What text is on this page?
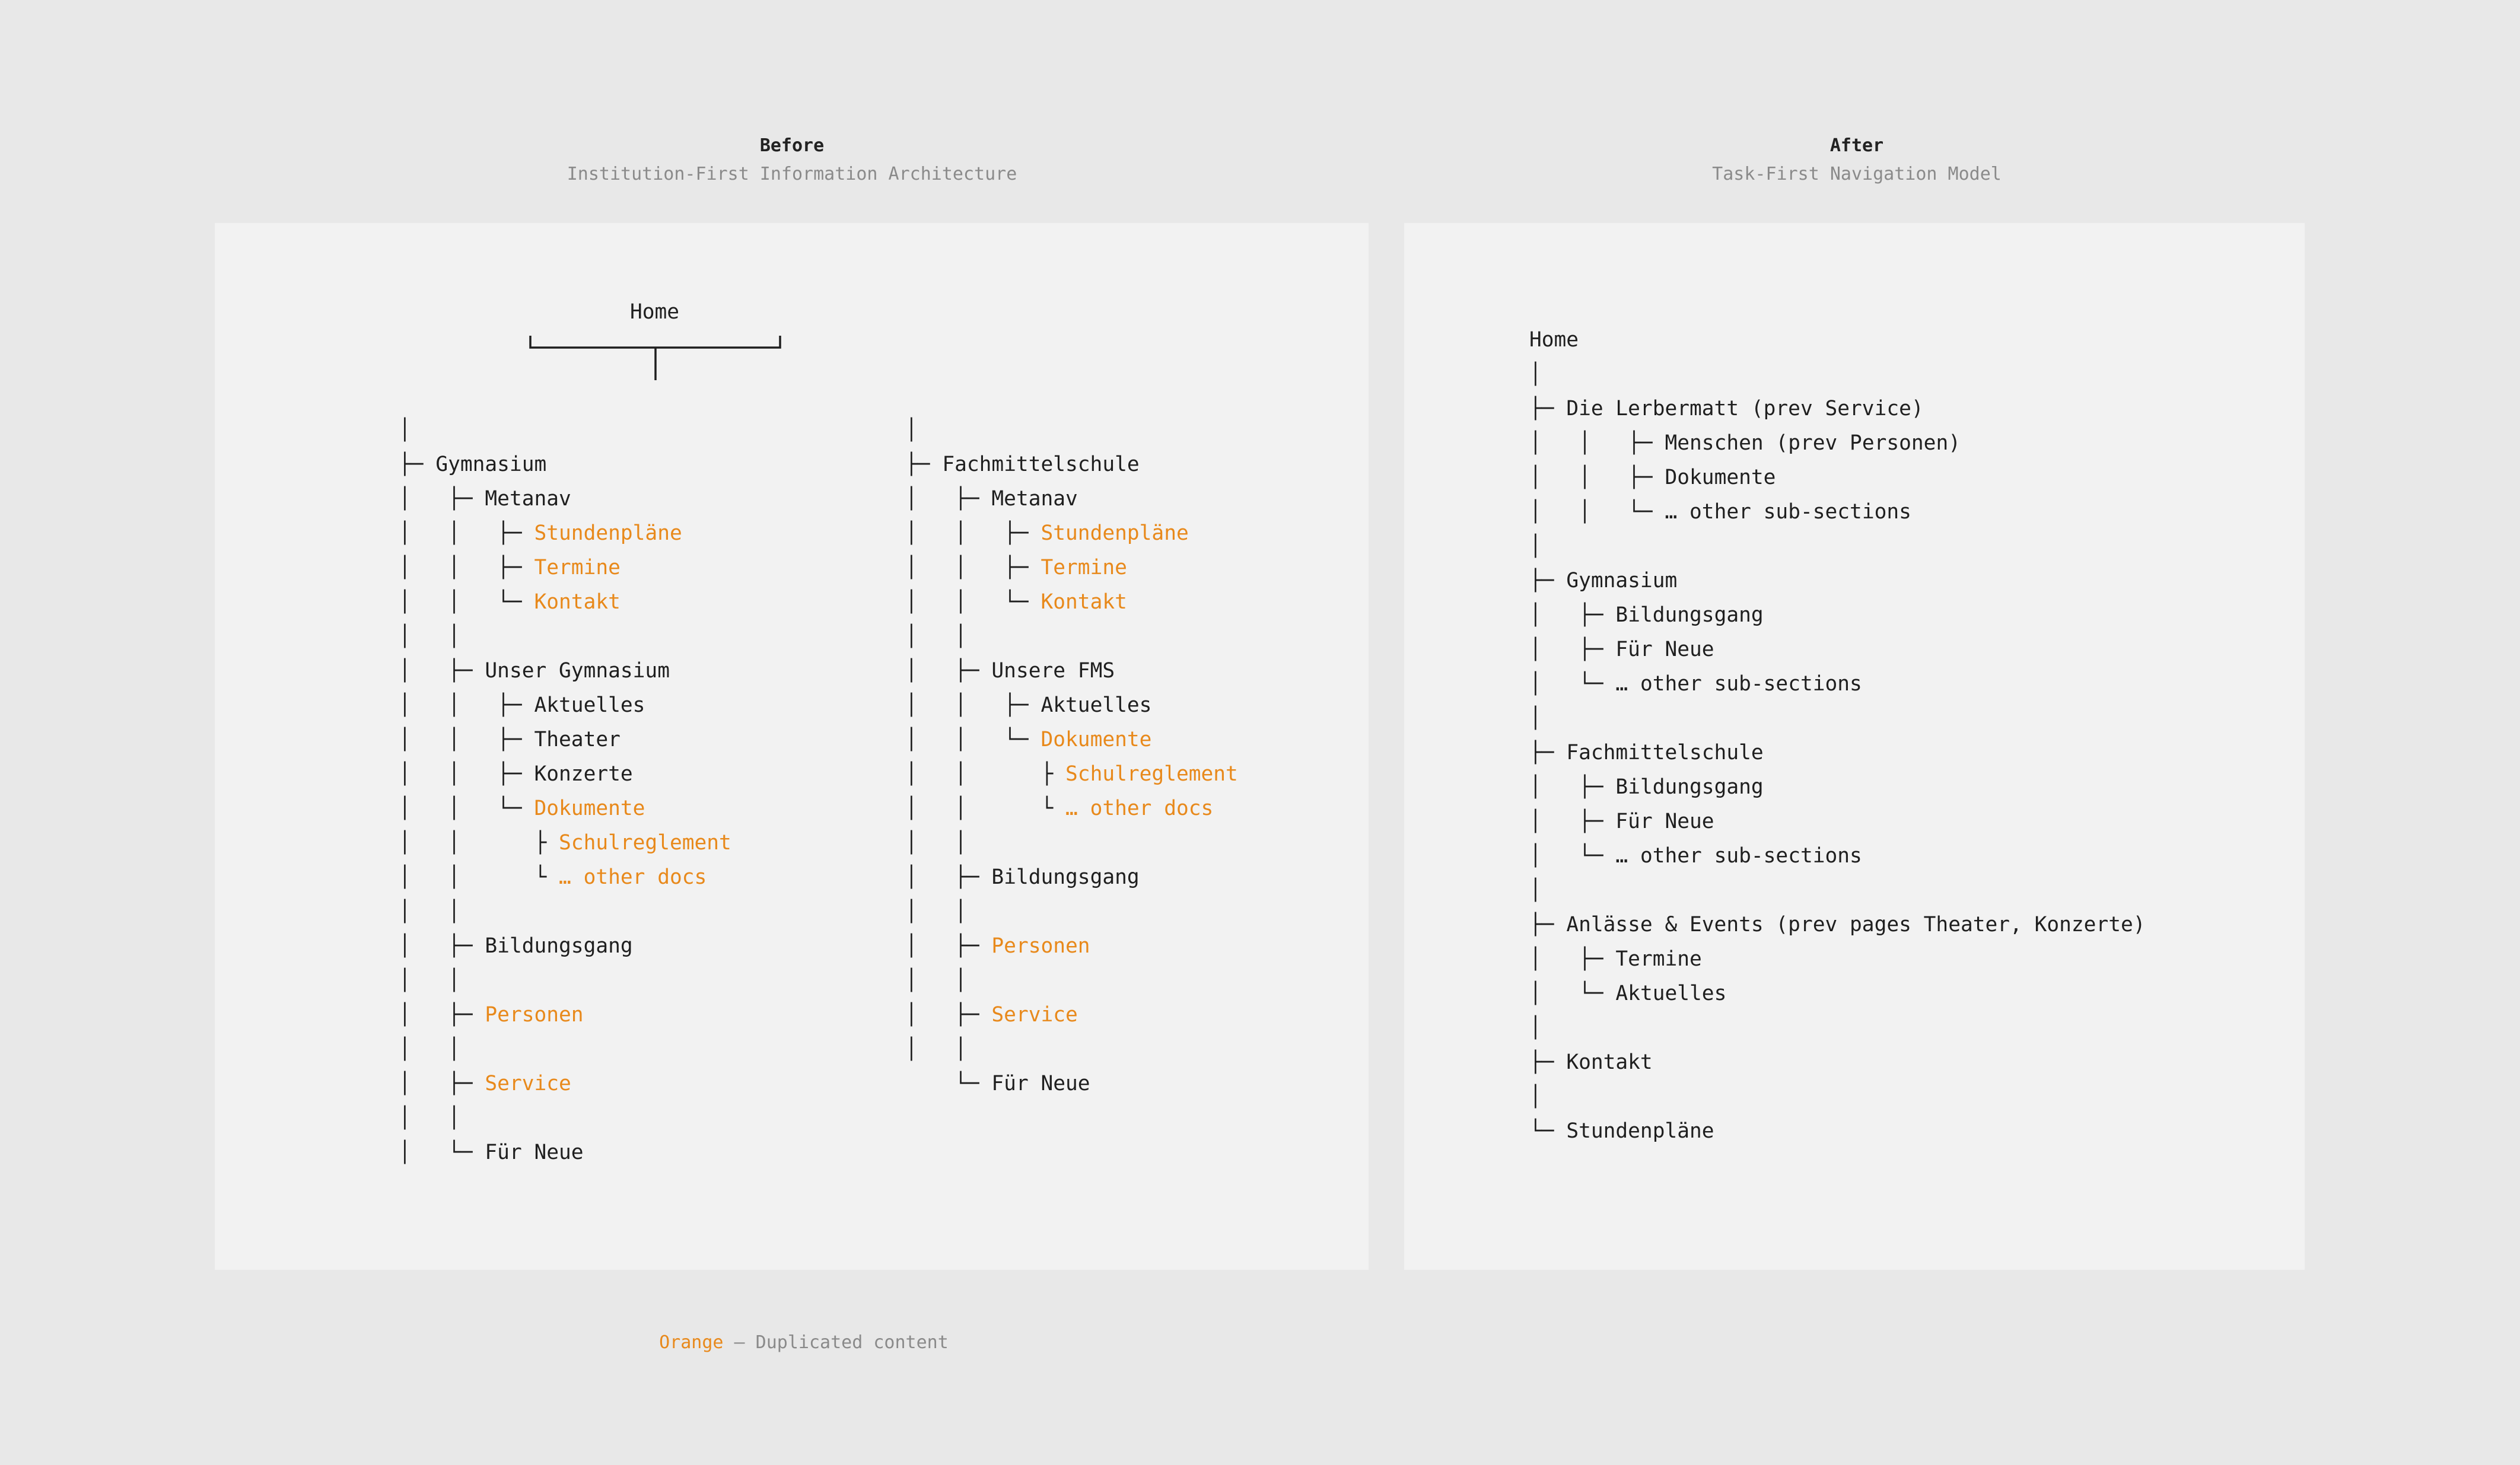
Before
Institution-First Information Architecture
After
Task-First Navigation Model
Home
│
├─ Gymnasium
│   ├─ Metanav
│   │   ├─ Stundenpläne
│   │   ├─ Termine
│   │   └─ Kontakt
│   │
│   ├─ Unser Gymnasium
│   │   ├─ Aktuelles
│   │   ├─ Theater
│   │   ├─ Konzerte
│   │   └─ Dokumente
│   │      ├ Schulreglement
│   │      └ … other docs
│   │
│   ├─ Bildungsgang
│   │
│   ├─ Personen
│   │
│   ├─ Service
│   │
│   └─ Für Neue
│
├─ Fachmittelschule
│   ├─ Metanav
│   │   ├─ Stundenpläne
│   │   ├─ Termine
│   │   └─ Kontakt
│   │
│   ├─ Unsere FMS
│   │   ├─ Aktuelles
│   │   └─ Dokumente
│   │      ├ Schulreglement
│   │      └ … other docs
│   │
│   ├─ Bildungsgang
│   │
│   ├─ Personen
│   │
│   ├─ Service
│   │
└─ Für Neue
Home
│
├─ Die Lerbermatt (prev Service)
│   │   ├─ Menschen (prev Personen)
│   │   ├─ Dokumente
│   │   └─ … other sub-sections
│
├─ Gymnasium
│   ├─ Bildungsgang
│   ├─ Für Neue
│   └─ … other sub-sections
│
├─ Fachmittelschule
│   ├─ Bildungsgang
│   ├─ Für Neue
│   └─ … other sub-sections
│
├─ Anlässe & Events (prev pages Theater, Konzerte)
│   ├─ Termine
│   └─ Aktuelles
│
├─ Kontakt
│
└─ Stundenpläne

Orange – Duplicated content
